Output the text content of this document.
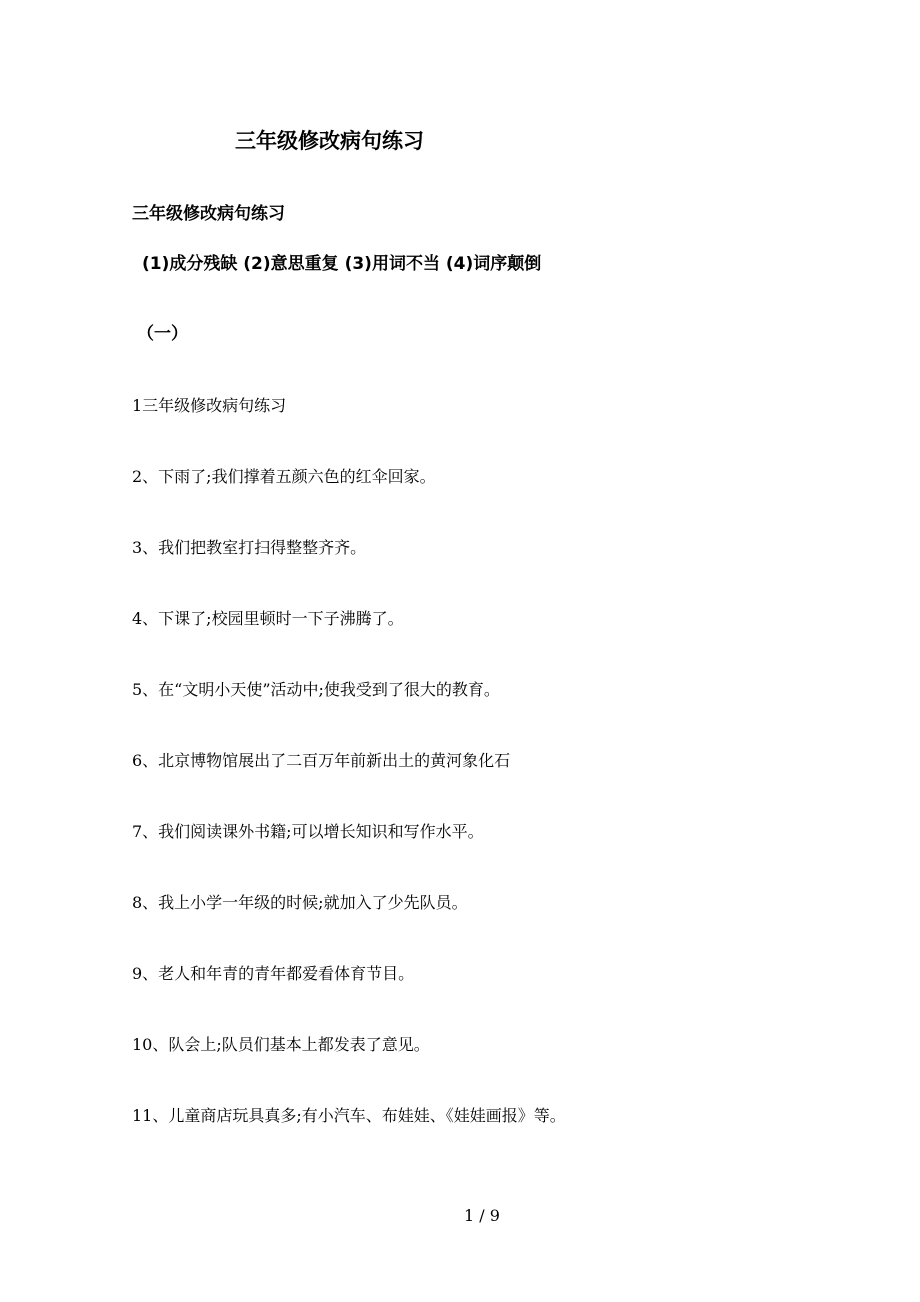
三年级修改病句练习
三年级修改病句练习
(1)成分残缺 (2)意思重复 (3)用词不当 (4)词序颠倒
（一）
1三年级修改病句练习
2、下雨了;我们撑着五颜六色的红伞回家。
3、我们把教室打扫得整整齐齐。
4、下课了;校园里顿时一下子沸腾了。
5、在“文明小天使”活动中;使我受到了很大的教育。
6、北京博物馆展出了二百万年前新出土的黄河象化石
7、我们阅读课外书籍;可以增长知识和写作水平。
8、我上小学一年级的时候;就加入了少先队员。
9、老人和年青的青年都爱看体育节目。
10、队会上;队员们基本上都发表了意见。
11、儿童商店玩具真多;有小汽车、布娃娃、《娃娃画报》等。
1 / 9
